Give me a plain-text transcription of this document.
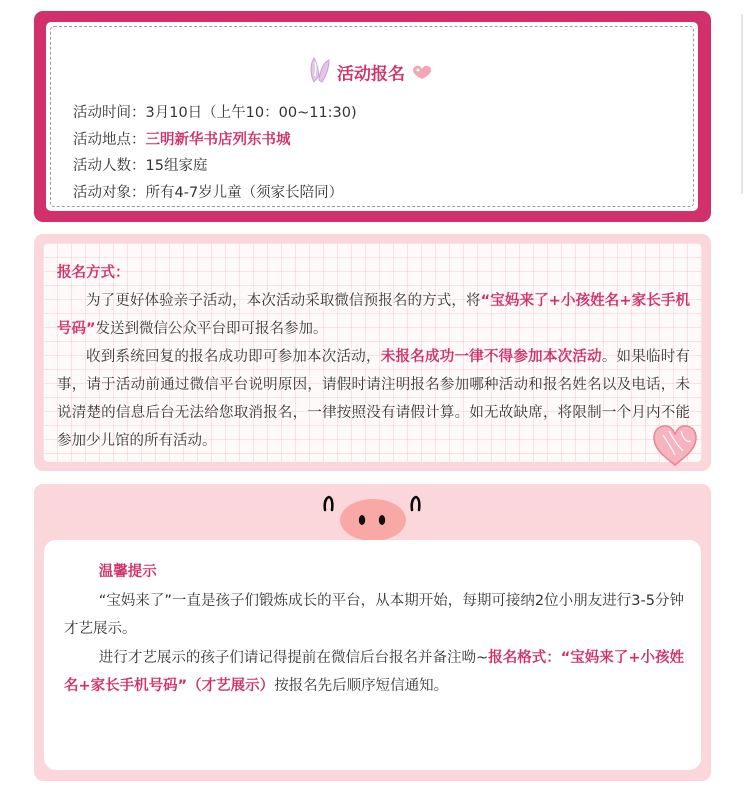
活动报名
活动时间：3月10日（上午10：00~11:30)
活动地点：三明新华书店列东书城
活动人数：15组家庭
活动对象：所有4-7岁儿童（须家长陪同）
报名方式：

为了更好体验亲子活动，本次活动采取微信预报名的方式，将“宝妈来了+小孩姓名+家长手机号码”发送到微信公众平台即可报名参加。

收到系统回复的报名成功即可参加本次活动，未报名成功一律不得参加本次活动。如果临时有事，请于活动前通过微信平台说明原因，请假时请注明报名参加哪种活动和报名姓名以及电话，未说清楚的信息后台无法给您取消报名，一律按照没有请假计算。如无故缺席，将限制一个月内不能参加少儿馆的所有活动。

温馨提示

“宝妈来了”一直是孩子们锻炼成长的平台，从本期开始，每期可接纳2位小朋友进行3-5分钟才艺展示。

进行才艺展示的孩子们请记得提前在微信后台报名并备注呦~报名格式：“宝妈来了+小孩姓名+家长手机号码”（才艺展示）按报名先后顺序短信通知。
